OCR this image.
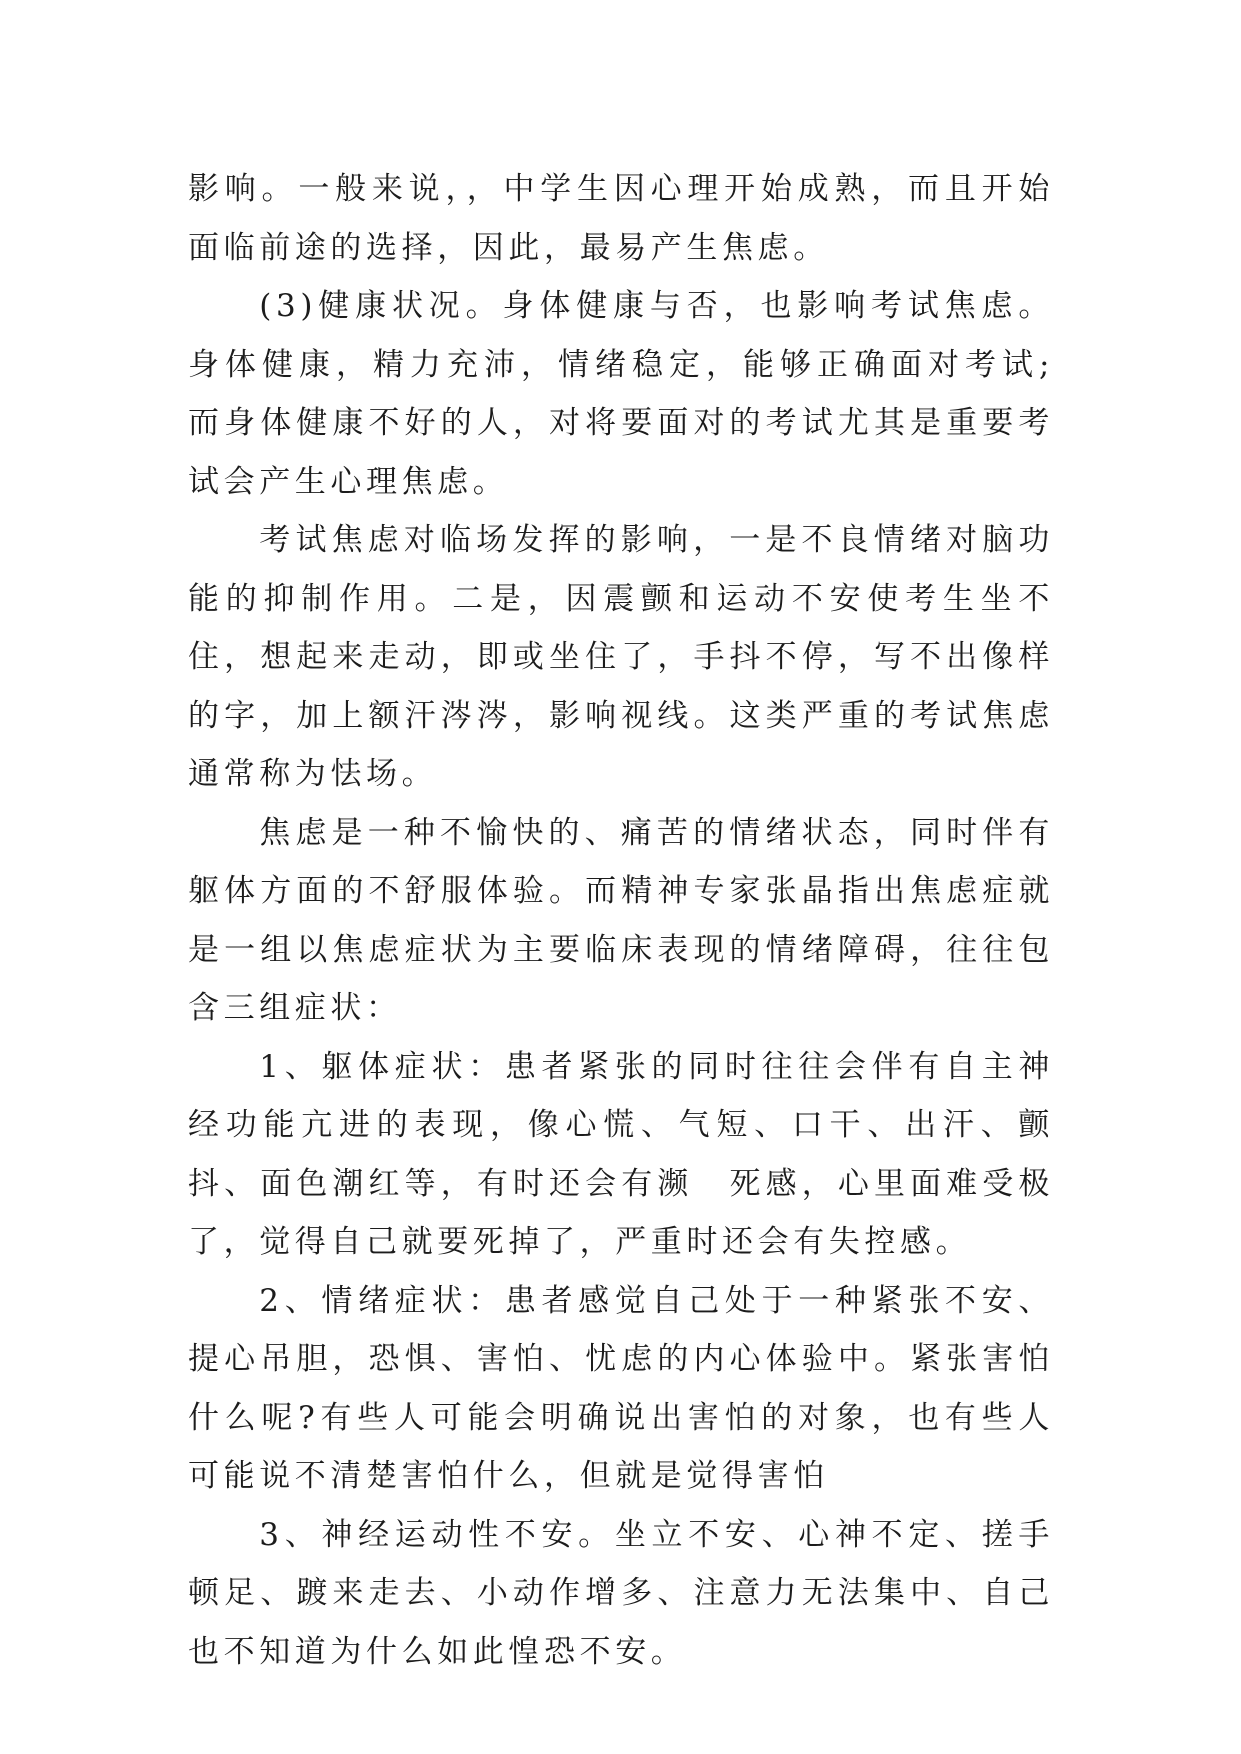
影响。一般来说，，中学生因心理开始成熟，而且开始面临前途的选择，因此，最易产生焦虑。

(3)健康状况。身体健康与否，也影响考试焦虑。身体健康，精力充沛，情绪稳定，能够正确面对考试;而身体健康不好的人，对将要面对的考试尤其是重要考试会产生心理焦虑。

考试焦虑对临场发挥的影响，一是不良情绪对脑功能的抑制作用。二是，因震颤和运动不安使考生坐不住，想起来走动，即或坐住了，手抖不停，写不出像样的字，加上额汗涔涔，影响视线。这类严重的考试焦虑通常称为怯场。

焦虑是一种不愉快的、痛苦的情绪状态，同时伴有躯体方面的不舒服体验。而精神专家张晶指出焦虑症就是一组以焦虑症状为主要临床表现的情绪障碍，往往包含三组症状：

1、躯体症状：患者紧张的同时往往会伴有自主神经功能亢进的表现，像心慌、气短、口干、出汗、颤抖、面色潮红等，有时还会有濒　死感，心里面难受极了，觉得自己就要死掉了，严重时还会有失控感。

2、情绪症状：患者感觉自己处于一种紧张不安、提心吊胆，恐惧、害怕、忧虑的内心体验中。紧张害怕什么呢?有些人可能会明确说出害怕的对象，也有些人可能说不清楚害怕什么，但就是觉得害怕

3、神经运动性不安。坐立不安、心神不定、搓手顿足、踱来走去、小动作增多、注意力无法集中、自己也不知道为什么如此惶恐不安。
